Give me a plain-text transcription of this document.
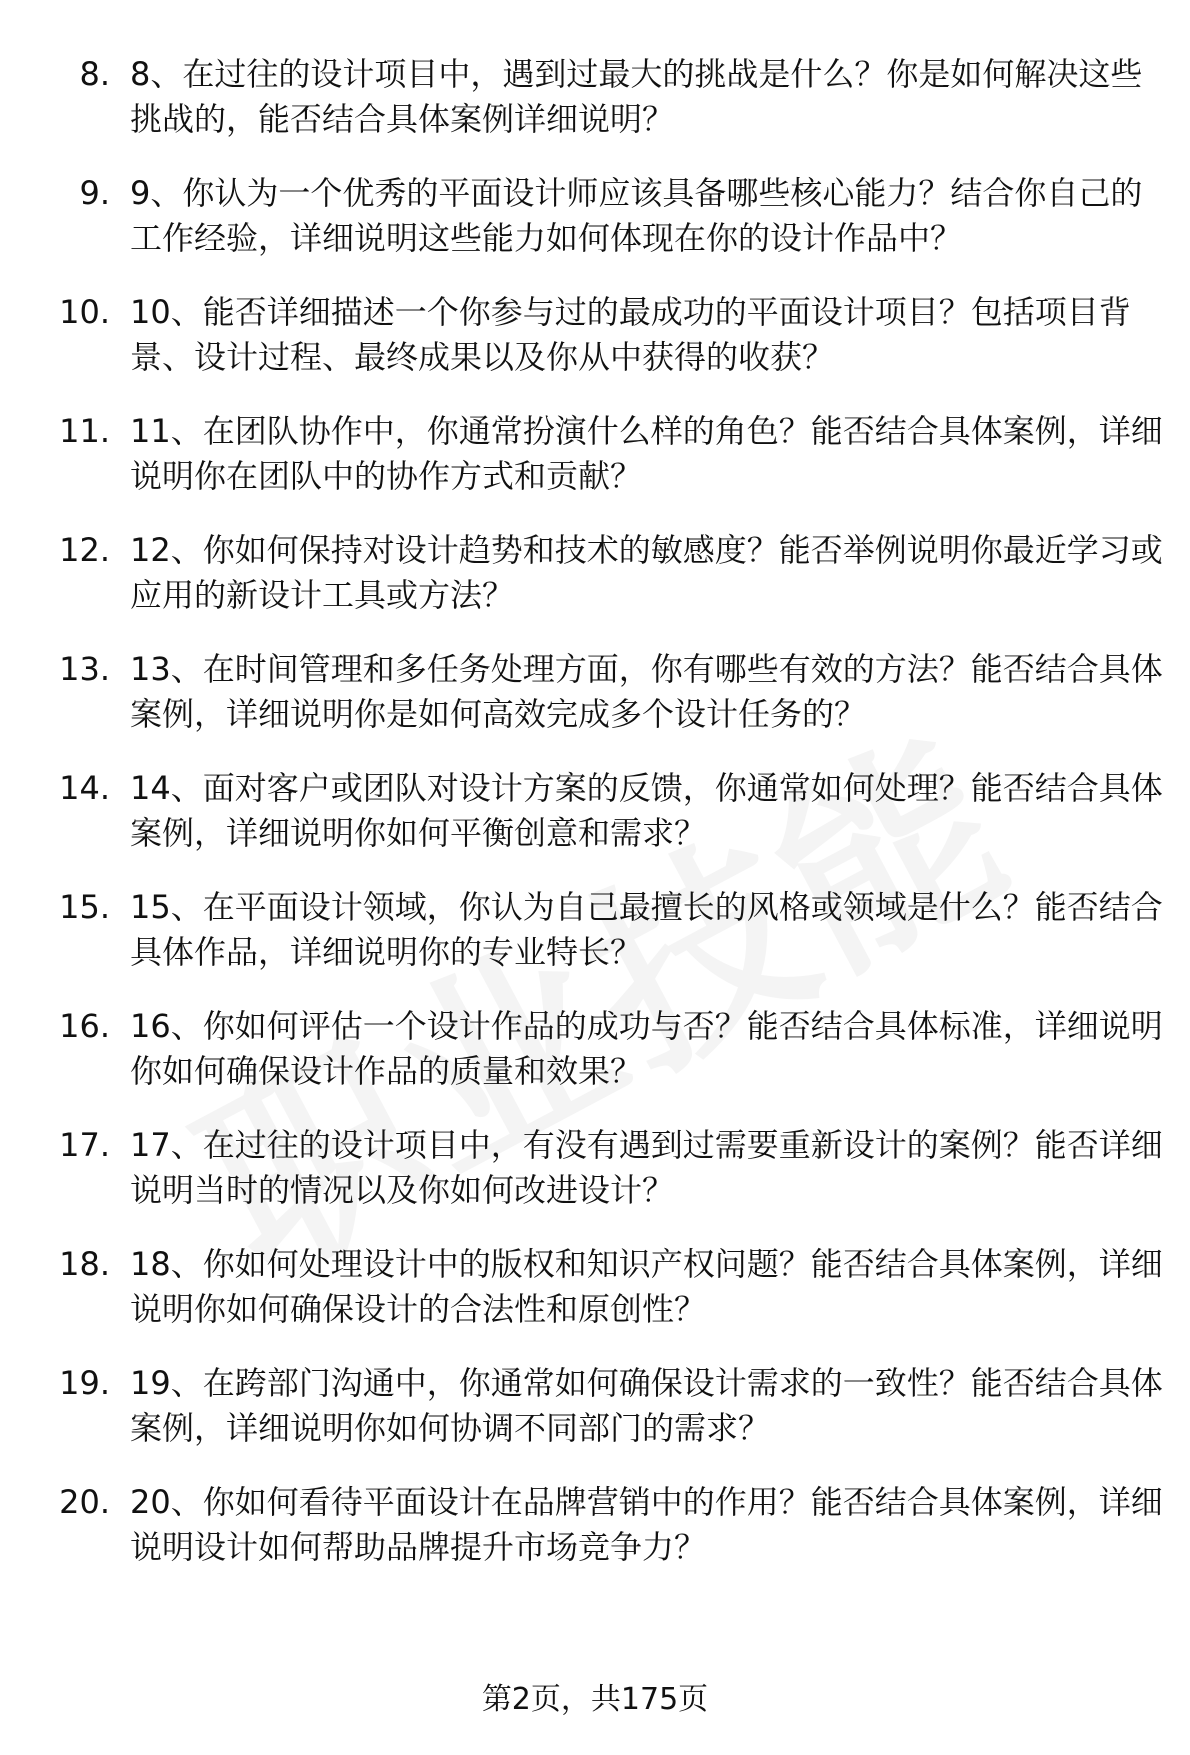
8. 8、在过往的设计项目中，遇到过最大的挑战是什么？你是如何解决这些挑战的，能否结合具体案例详细说明？
9. 9、你认为一个优秀的平面设计师应该具备哪些核心能力？结合你自己的工作经验，详细说明这些能力如何体现在你的设计作品中？
10. 10、能否详细描述一个你参与过的最成功的平面设计项目？包括项目背景、设计过程、最终成果以及你从中获得的收获？
11. 11、在团队协作中，你通常扮演什么样的角色？能否结合具体案例，详细说明你在团队中的协作方式和贡献？
12. 12、你如何保持对设计趋势和技术的敏感度？能否举例说明你最近学习或应用的新设计工具或方法？
13. 13、在时间管理和多任务处理方面，你有哪些有效的方法？能否结合具体案例，详细说明你是如何高效完成多个设计任务的？
14. 14、面对客户或团队对设计方案的反馈，你通常如何处理？能否结合具体案例，详细说明你如何平衡创意和需求？
15. 15、在平面设计领域，你认为自己最擅长的风格或领域是什么？能否结合具体作品，详细说明你的专业特长？
16. 16、你如何评估一个设计作品的成功与否？能否结合具体标准，详细说明你如何确保设计作品的质量和效果？
17. 17、在过往的设计项目中，有没有遇到过需要重新设计的案例？能否详细说明当时的情况以及你如何改进设计？
18. 18、你如何处理设计中的版权和知识产权问题？能否结合具体案例，详细说明你如何确保设计的合法性和原创性？
19. 19、在跨部门沟通中，你通常如何确保设计需求的一致性？能否结合具体案例，详细说明你如何协调不同部门的需求？
20. 20、你如何看待平面设计在品牌营销中的作用？能否结合具体案例，详细说明设计如何帮助品牌提升市场竞争力？
第2页，共175页
